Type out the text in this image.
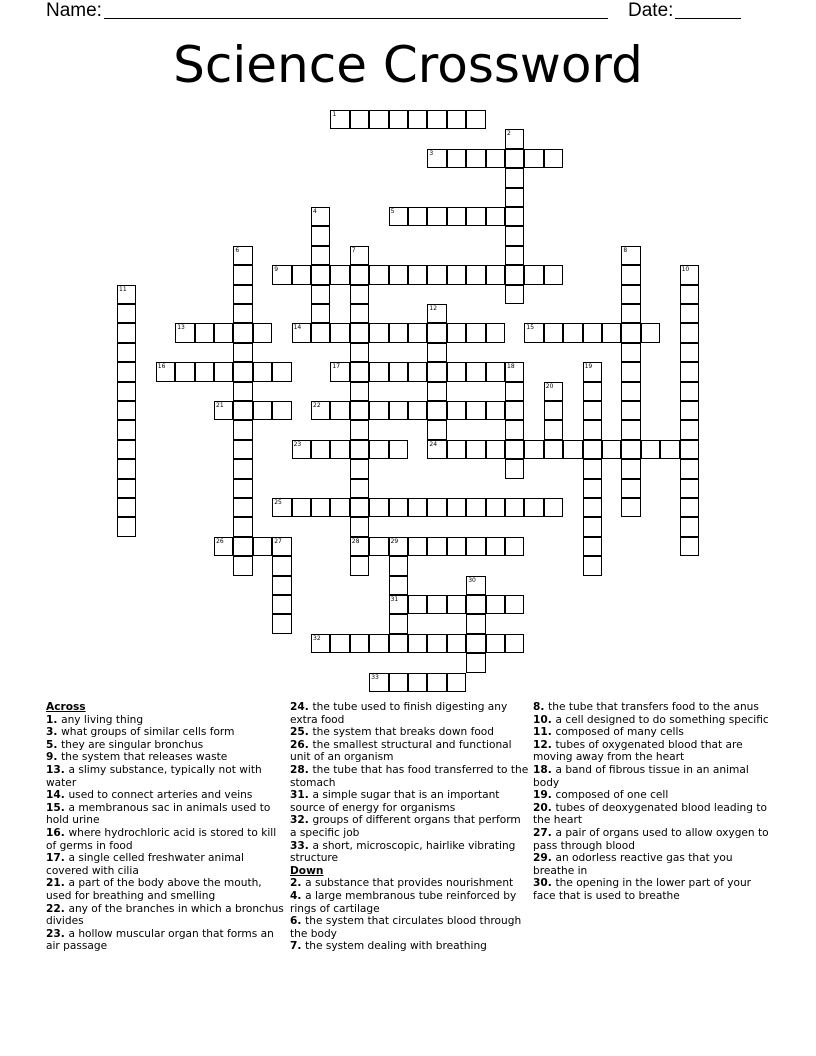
Name:	Date:
Science Crossword
1
2
3
4	5
6	7
28
8
9	10
11
12
24
13	14	15
16	17	18	19
20
21	22
23
25
26	27	29
31
30
32
33
Across
1. any living thing
3. what groups of similar cells form
5. they are singular bronchus
9. the system that releases waste
13. a slimy substance, typically not with water
14. used to connect arteries and veins
15. a membranous sac in animals used to hold urine
16. where hydrochloric acid is stored to kill of germs in food
17. a single celled freshwater animal covered with cilia
21. a part of the body above the mouth, used for breathing and smelling
22. any of the branches in which a bronchus divides
23. a hollow muscular organ that forms an air passage
24. the tube used to finish digesting any extra food
25. the system that breaks down food
26. the smallest structural and functional unit of an organism
28. the tube that has food transferred to the stomach
31. a simple sugar that is an important source of energy for organisms
32. groups of different organs that perform a specific job
33. a short, microscopic, hairlike vibrating structure
Down
2. a substance that provides nourishment
4. a large membranous tube reinforced by rings of cartilage
6. the system that circulates blood through the body
7. the system dealing with breathing
8. the tube that transfers food to the anus
10. a cell designed to do something specific
11. composed of many cells
12. tubes of oxygenated blood that are moving away from the heart
18. a band of fibrous tissue in an animal body
19. composed of one cell
20. tubes of deoxygenated blood leading to the heart
27. a pair of organs used to allow oxygen to pass through blood
29. an odorless reactive gas that you breathe in
30. the opening in the lower part of your face that is used to breathe
